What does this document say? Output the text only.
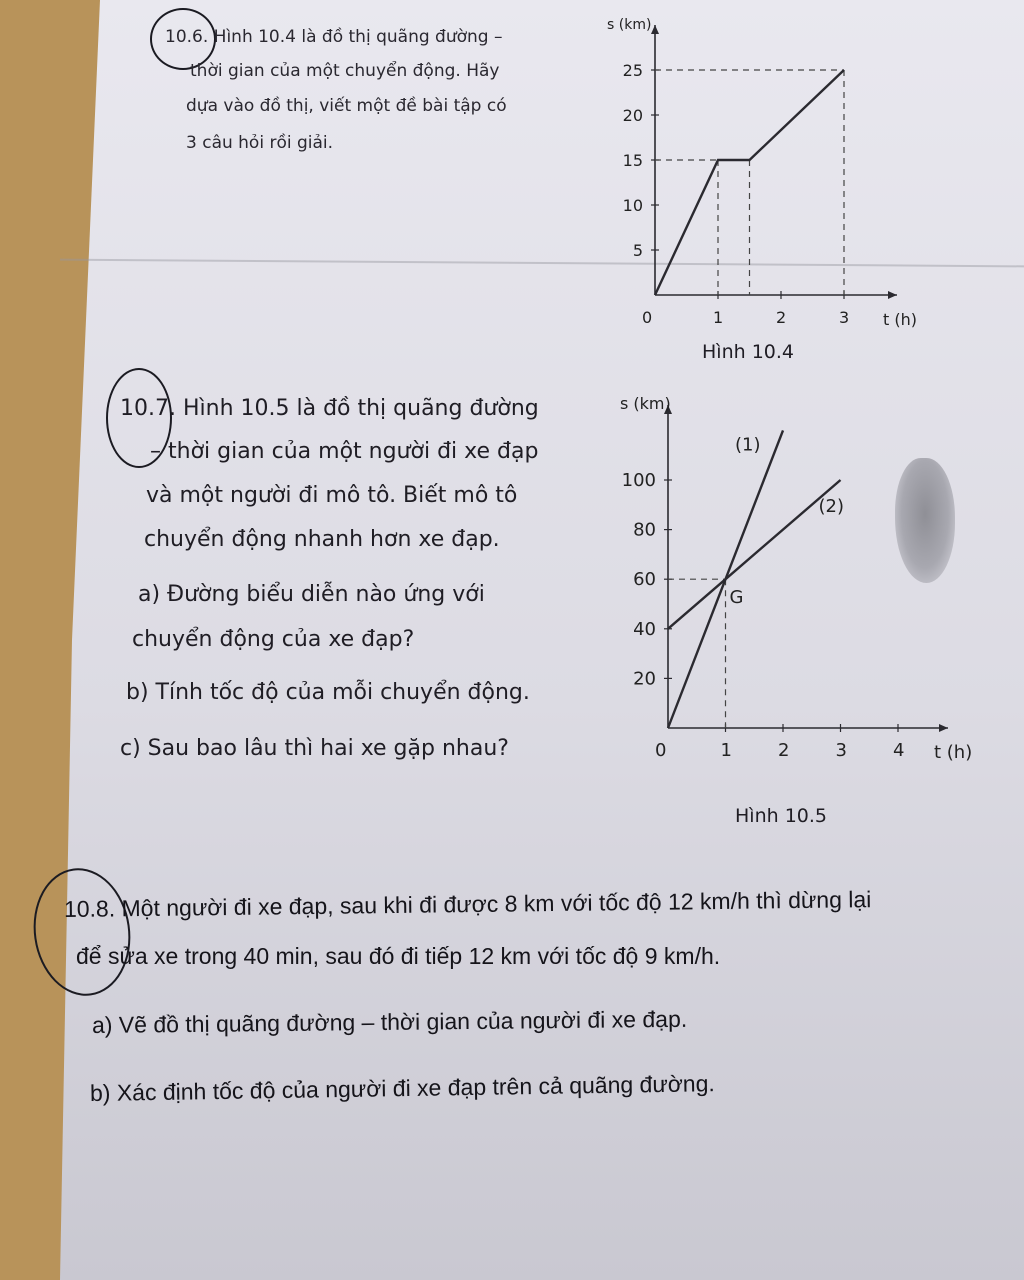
10.6. Hình 10.4 là đồ thị quãng đường –
thời gian của một chuyển động. Hãy
dựa vào đồ thị, viết một đề bài tập có
3 câu hỏi rồi giải.
s (km)
t (h)
0	1	2	3
5
10
15
20
25
Hình 10.4
10.7. Hình 10.5 là đồ thị quãng đường
– thời gian của một người đi xe đạp
và một người đi mô tô. Biết mô tô
chuyển động nhanh hơn xe đạp.
a) Đường biểu diễn nào ứng với
chuyển động của xe đạp?
b) Tính tốc độ của mỗi chuyển động.
c) Sau bao lâu thì hai xe gặp nhau?
s (km)
t (h)
0	1	2	3	4
20
40
60
80
100
(1)
(2)
G
Hình 10.5
10.8. Một người đi xe đạp, sau khi đi được 8 km với tốc độ 12 km/h thì dừng lại
để sửa xe trong 40 min, sau đó đi tiếp 12 km với tốc độ 9 km/h.
a) Vẽ đồ thị quãng đường – thời gian của người đi xe đạp.
b) Xác định tốc độ của người đi xe đạp trên cả quãng đường.
